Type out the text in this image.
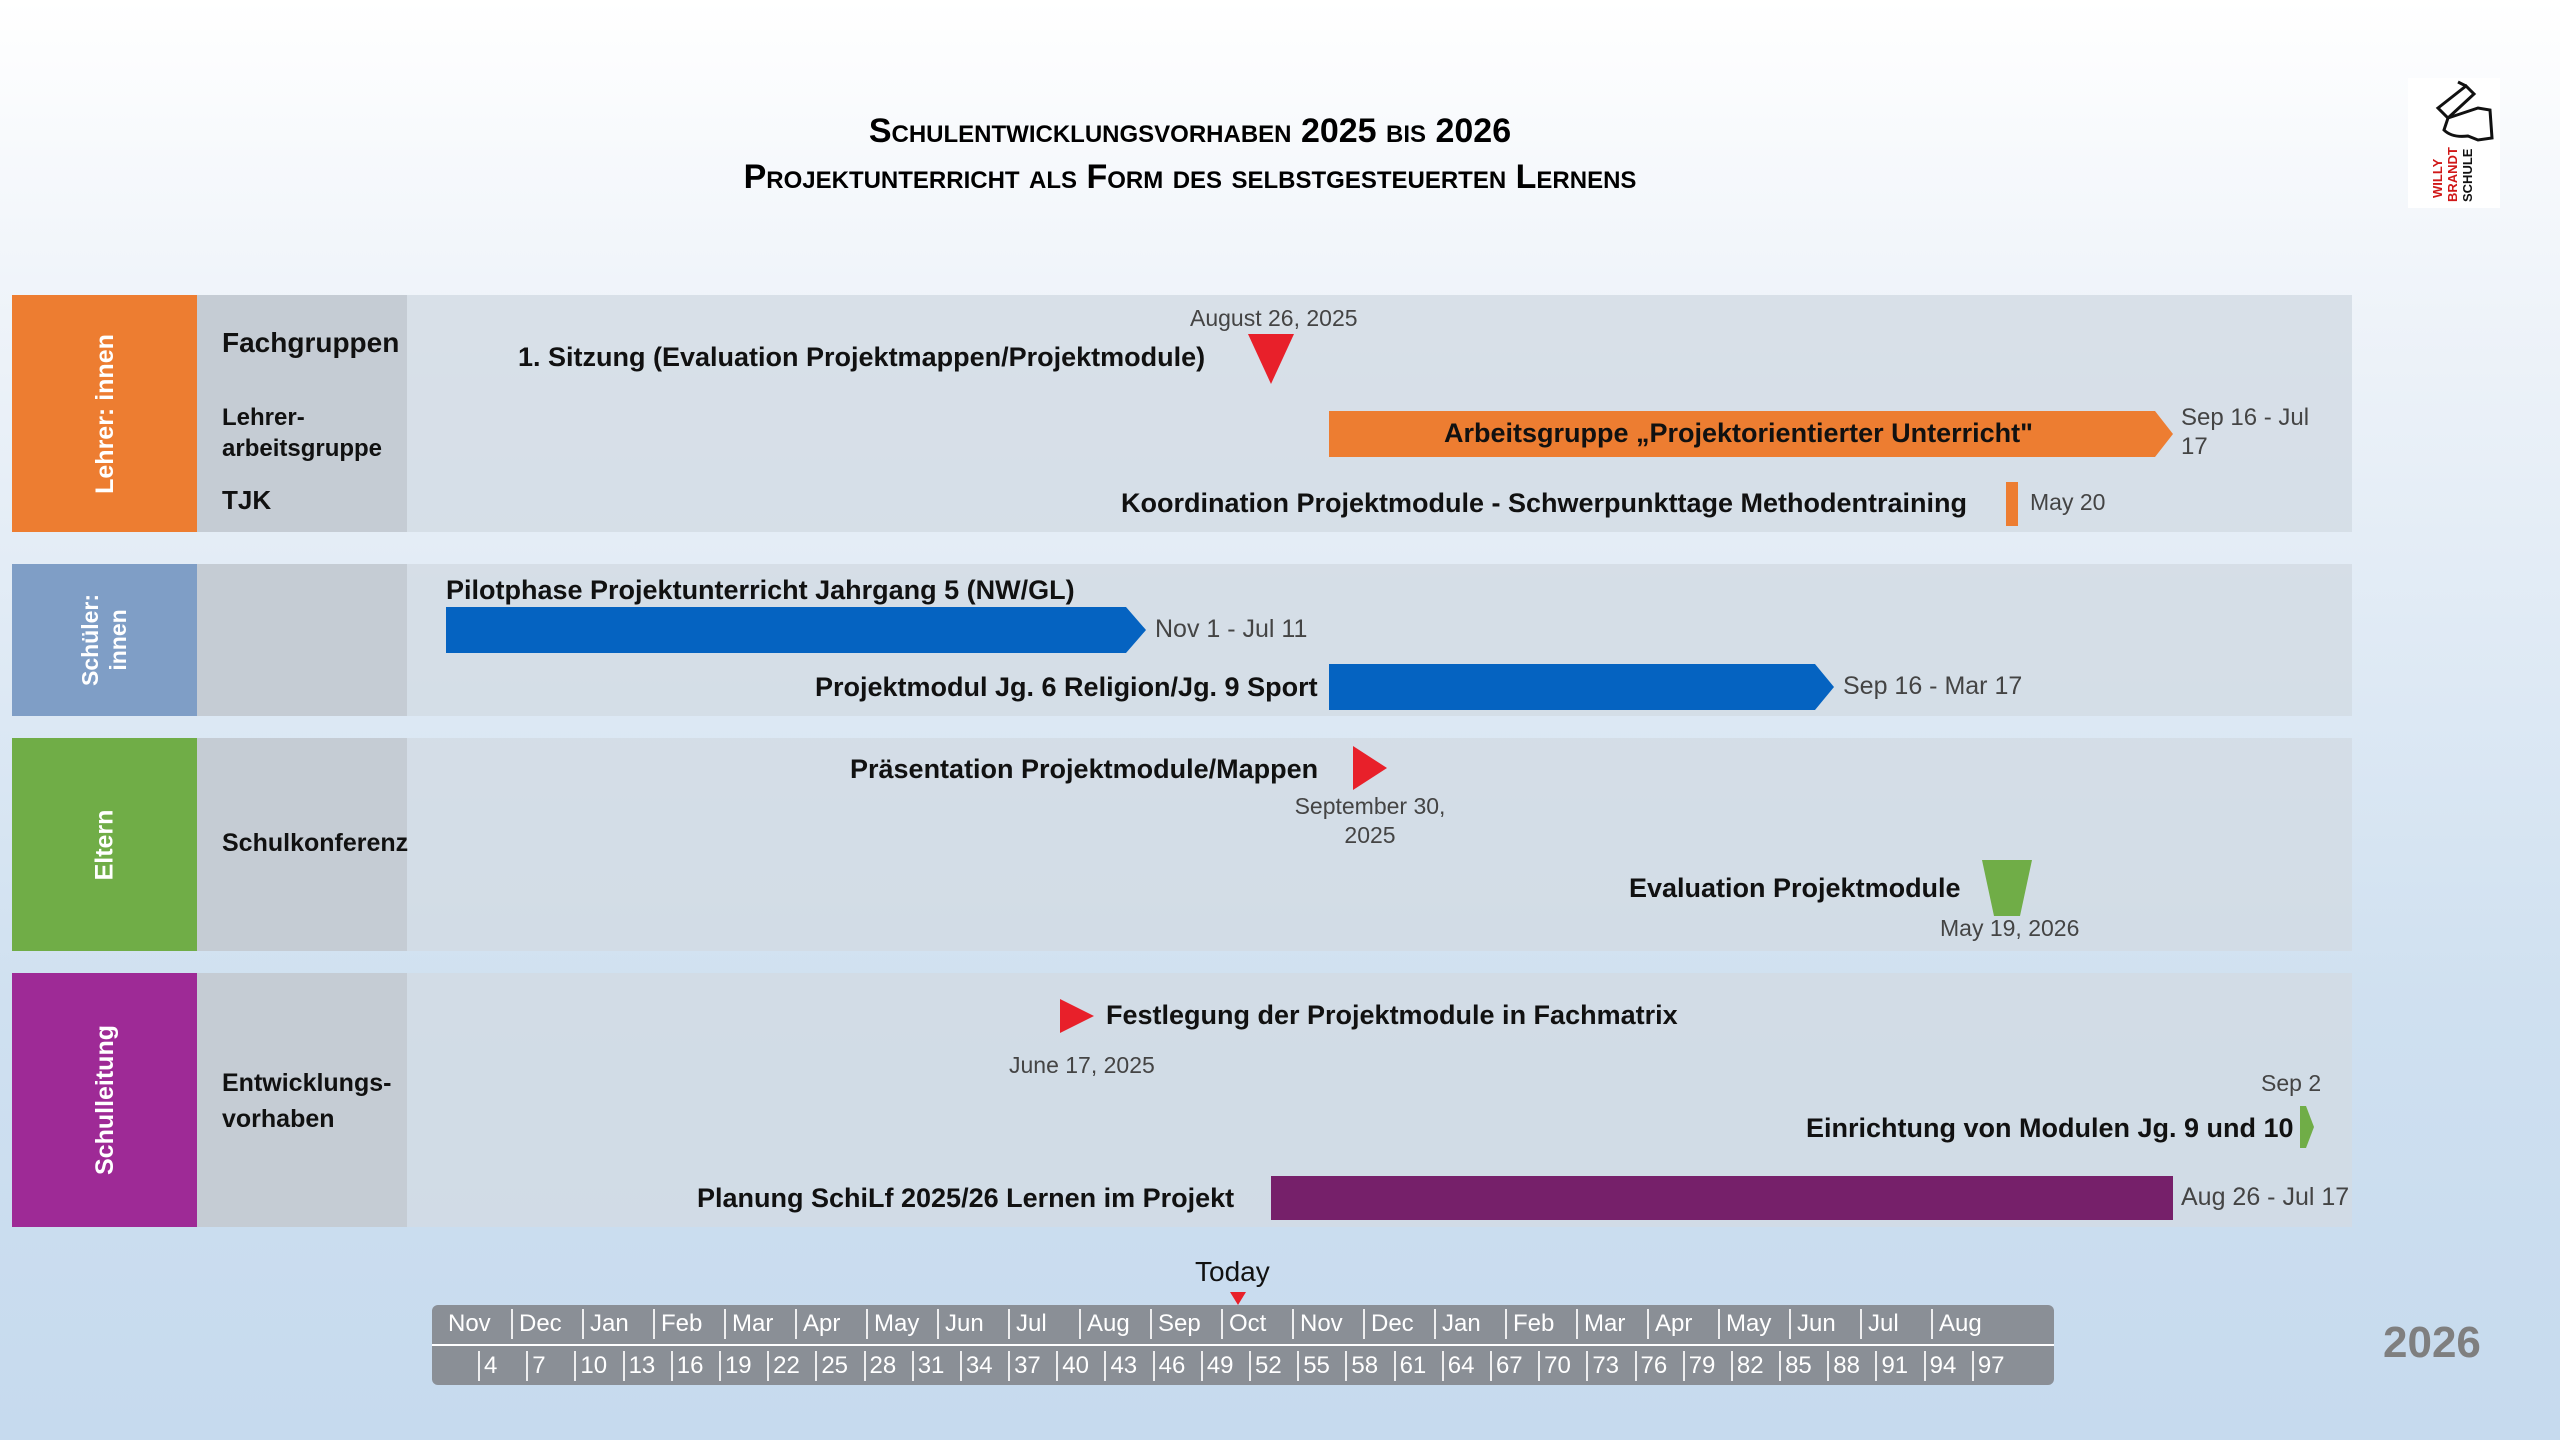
Schulentwicklungsvorhaben 2025 bis 2026
Projektunterricht als Form des selbstgesteuerten Lernens	WILLY BRANDT SCHULE
Lehrer: innen	Fachgruppen
Lehrer-
arbeitsgruppe
TJK
Schüler:
innen
Eltern	Schulkonferenz
Schulleitung	Entwicklungs-
vorhaben
August 26, 2025
1. Sitzung (Evaluation Projektmappen/Projektmodule)
Arbeitsgruppe „Projektorientierter Unterricht"
Sep 16 - Jul 17
Koordination Projektmodule - Schwerpunkttage Methodentraining	May 20
Pilotphase Projektunterricht Jahrgang 5 (NW/GL)
Nov 1 - Jul 11
Projektmodul Jg. 6 Religion/Jg. 9 Sport	Sep 16 - Mar 17
Präsentation Projektmodule/Mappen
September 30, 2025
Evaluation Projektmodule
May 19, 2026
Festlegung der Projektmodule in Fachmatrix
June 17, 2025
Sep 2
Einrichtung von Modulen Jg. 9 und 10
Planung SchiLf 2025/26 Lernen im Projekt	Aug 26 - Jul 17
Today
Nov Dec Jan Feb Mar Apr May Jun Jul Aug Sep Oct Nov Dec Jan Feb Mar Apr May Jun Jul Aug
4 7 10 13 16 19 22 25 28 31 34 37 40 43 46 49 52 55 58 61 64 67 70 73 76 79 82 85 88 91 94 97	2026
